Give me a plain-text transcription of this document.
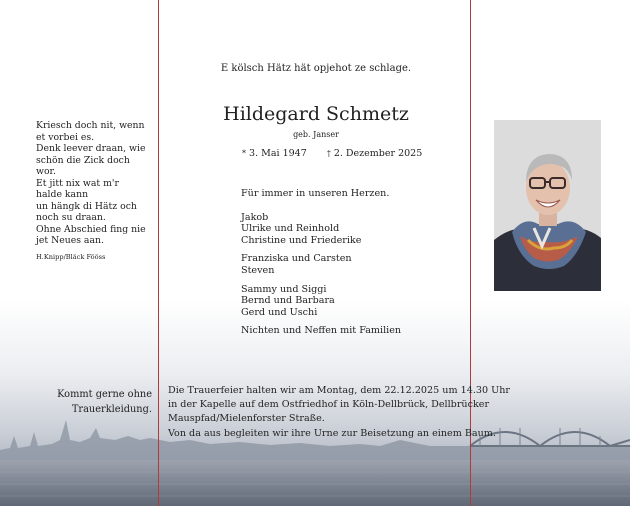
Kriesch doch nit, wenn
et vorbei es.
Denk leever draan, wie
schön die Zick doch
wor.
Et jitt nix wat m'r
halde kann
un hängk di Hätz och
noch su draan.
Ohne Abschied fing nie
jet Neues aan.
H.Knipp/Bläck Fööss
E kölsch Hätz hät opjehot ze schlage.
Hildegard Schmetz
geb. Janser
* 3. Mai 1947	† 2. Dezember 2025
Für immer in unseren Herzen.
Jakob
Ulrike und Reinhold
Christine und Friederike
Franziska und Carsten
Steven
Sammy und Siggi
Bernd und Barbara
Gerd und Uschi
Nichten und Neffen mit Familien
Kommt gerne ohne
Trauerkleidung.
Die Trauerfeier halten wir am Montag, dem 22.12.2025 um 14.30 Uhr
in der Kapelle auf dem Ostfriedhof in Köln-Dellbrück, Dellbrücker
Mauspfad/Mielenforster Straße.
Von da aus begleiten wir ihre Urne zur Beisetzung an einem Baum.
